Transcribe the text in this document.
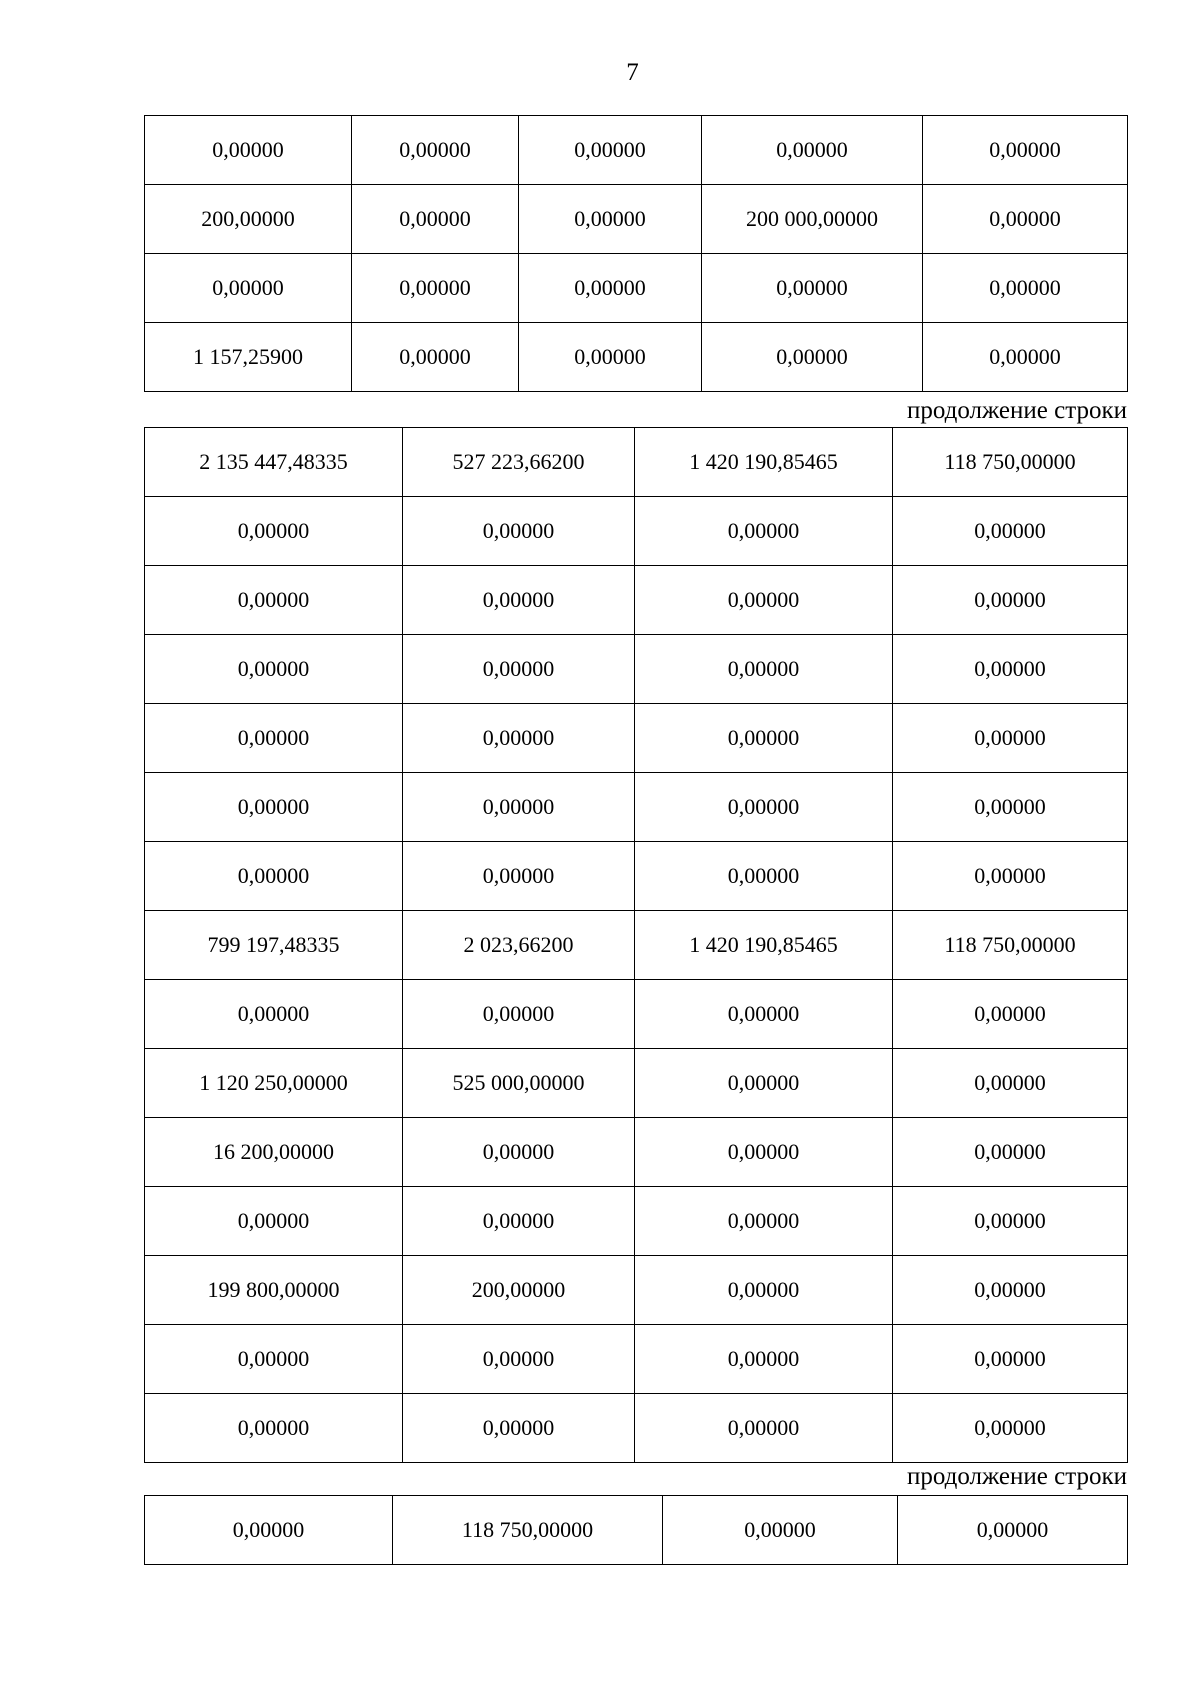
7
0,00000	0,00000	0,00000	0,00000	0,00000
200,00000	0,00000	0,00000	200 000,00000	0,00000
0,00000	0,00000	0,00000	0,00000	0,00000
1 157,25900	0,00000	0,00000	0,00000	0,00000
продолжение строки
2 135 447,48335	527 223,66200	1 420 190,85465	118 750,00000
0,00000	0,00000	0,00000	0,00000
0,00000	0,00000	0,00000	0,00000
0,00000	0,00000	0,00000	0,00000
0,00000	0,00000	0,00000	0,00000
0,00000	0,00000	0,00000	0,00000
0,00000	0,00000	0,00000	0,00000
799 197,48335	2 023,66200	1 420 190,85465	118 750,00000
0,00000	0,00000	0,00000	0,00000
1 120 250,00000	525 000,00000	0,00000	0,00000
16 200,00000	0,00000	0,00000	0,00000
0,00000	0,00000	0,00000	0,00000
199 800,00000	200,00000	0,00000	0,00000
0,00000	0,00000	0,00000	0,00000
0,00000	0,00000	0,00000	0,00000
продолжение строки
0,00000	118 750,00000	0,00000	0,00000
